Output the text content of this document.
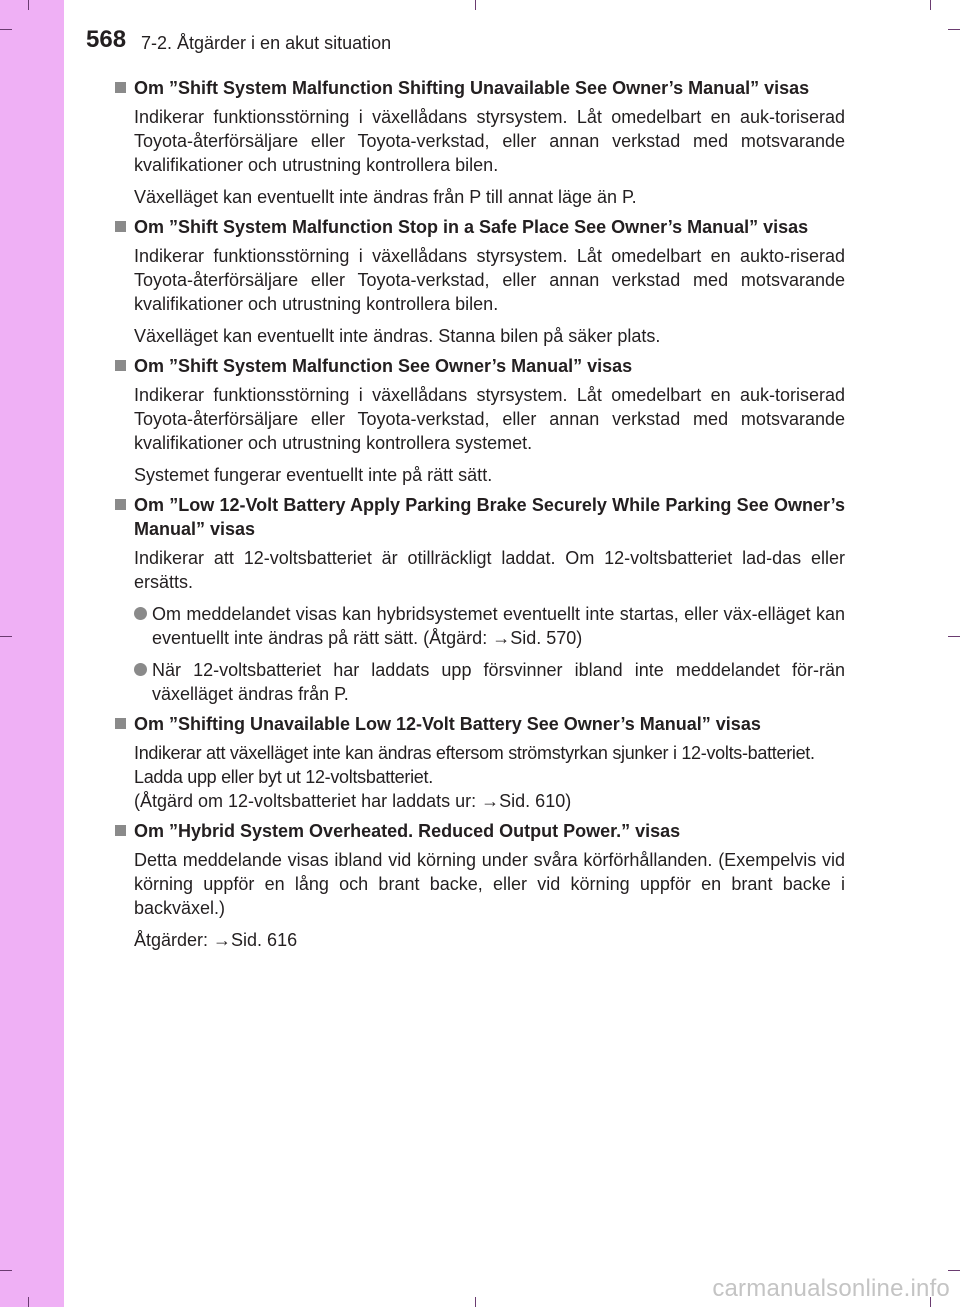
568 7-2. Åtgärder i en akut situation
Om ”Shift System Malfunction Shifting Unavailable See Owner’s Manual” visas
Indikerar funktionsstörning i växellådans styrsystem. Låt omedelbart en auk-toriserad Toyota-återförsäljare eller Toyota-verkstad, eller annan verkstad med motsvarande kvalifikationer och utrustning kontrollera bilen.
Växelläget kan eventuellt inte ändras från P till annat läge än P.
Om ”Shift System Malfunction Stop in a Safe Place See Owner’s Manual” visas
Indikerar funktionsstörning i växellådans styrsystem. Låt omedelbart en aukto-riserad Toyota-återförsäljare eller Toyota-verkstad, eller annan verkstad med motsvarande kvalifikationer och utrustning kontrollera bilen.
Växelläget kan eventuellt inte ändras. Stanna bilen på säker plats.
Om ”Shift System Malfunction See Owner’s Manual” visas
Indikerar funktionsstörning i växellådans styrsystem. Låt omedelbart en auk-toriserad Toyota-återförsäljare eller Toyota-verkstad, eller annan verkstad med motsvarande kvalifikationer och utrustning kontrollera systemet.
Systemet fungerar eventuellt inte på rätt sätt.
Om ”Low 12-Volt Battery Apply Parking Brake Securely While Parking See Owner’s Manual” visas
Indikerar att 12-voltsbatteriet är otillräckligt laddat. Om 12-voltsbatteriet lad-das eller ersätts.
Om meddelandet visas kan hybridsystemet eventuellt inte startas, eller väx-elläget kan eventuellt inte ändras på rätt sätt. (Åtgärd: →Sid. 570)
När 12-voltsbatteriet har laddats upp försvinner ibland inte meddelandet för-rän växelläget ändras från P.
Om ”Shifting Unavailable Low 12-Volt Battery See Owner’s Manual” visas
Indikerar att växelläget inte kan ändras eftersom strömstyrkan sjunker i 12-volts-batteriet. Ladda upp eller byt ut 12-voltsbatteriet.
(Åtgärd om 12-voltsbatteriet har laddats ur: →Sid. 610)
Om ”Hybrid System Overheated. Reduced Output Power.” visas
Detta meddelande visas ibland vid körning under svåra körförhållanden. (Exempelvis vid körning uppför en lång och brant backe, eller vid körning uppför en brant backe i backväxel.)
Åtgärder: →Sid. 616
carmanualsonline.info
